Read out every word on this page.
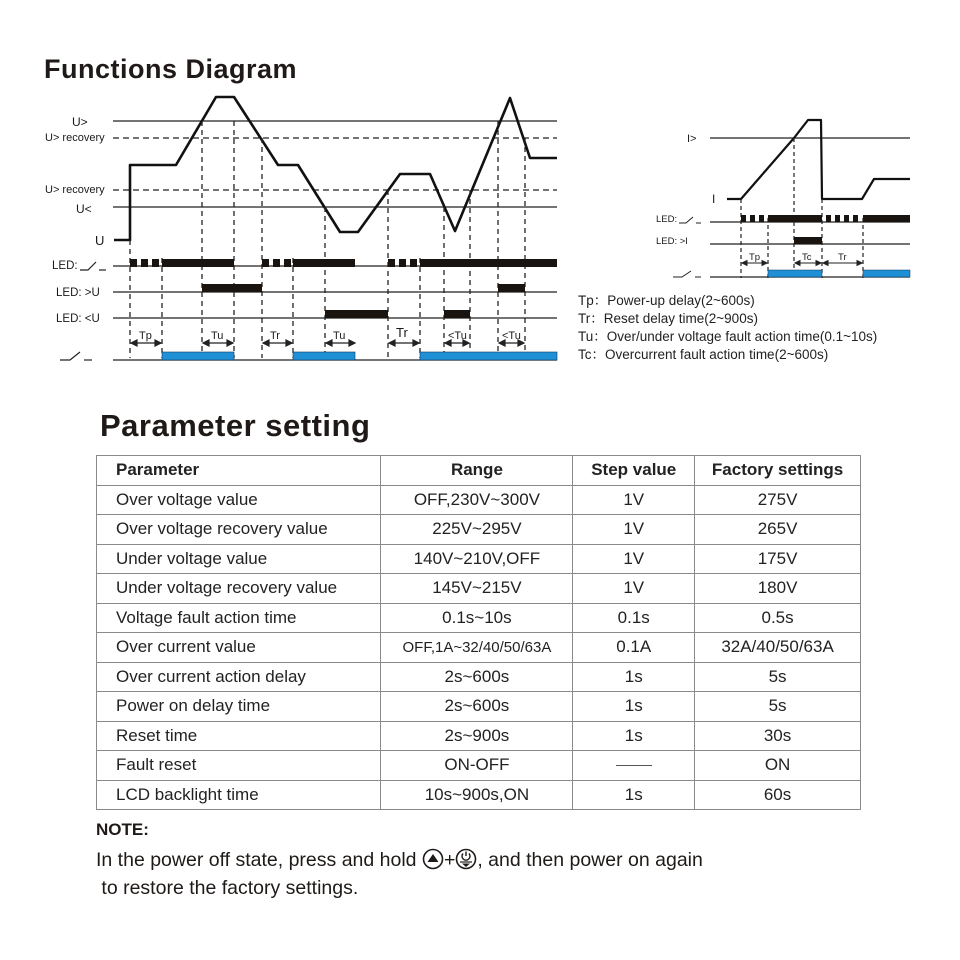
Functions Diagram
U>
U> recovery
U> recovery
U<
U
LED:
LED: >U
LED: <U
Tp	Tu	Tr	Tu	Tr	<Tu	<Tu
I>
I
LED:
LED: >I
Tp	Tc	Tr
Tp：Power-up delay(2~600s)
Tr：Reset delay time(2~900s)
Tu：Over/under voltage fault action time(0.1~10s)
Tc：Overcurrent fault action time(2~600s)
Parameter setting
Parameter	Range	Step value	Factory settings
Over voltage value	OFF,230V~300V	1V	275V
Over voltage recovery value	225V~295V	1V	265V
Under voltage value	140V~210V,OFF	1V	175V
Under voltage recovery value	145V~215V	1V	180V
Voltage fault action time	0.1s~10s	0.1s	0.5s
Over current value	OFF,1A~32/40/50/63A	0.1A	32A/40/50/63A
Over current action delay	2s~600s	1s	5s
Power on delay time	2s~600s	1s	5s
Reset time	2s~900s	1s	30s
Fault reset	ON-OFF		ON
LCD backlight time	10s~900s,ON	1s	60s
NOTE:
In the power off state, press and hold + , and then power on again
to restore the factory settings.
